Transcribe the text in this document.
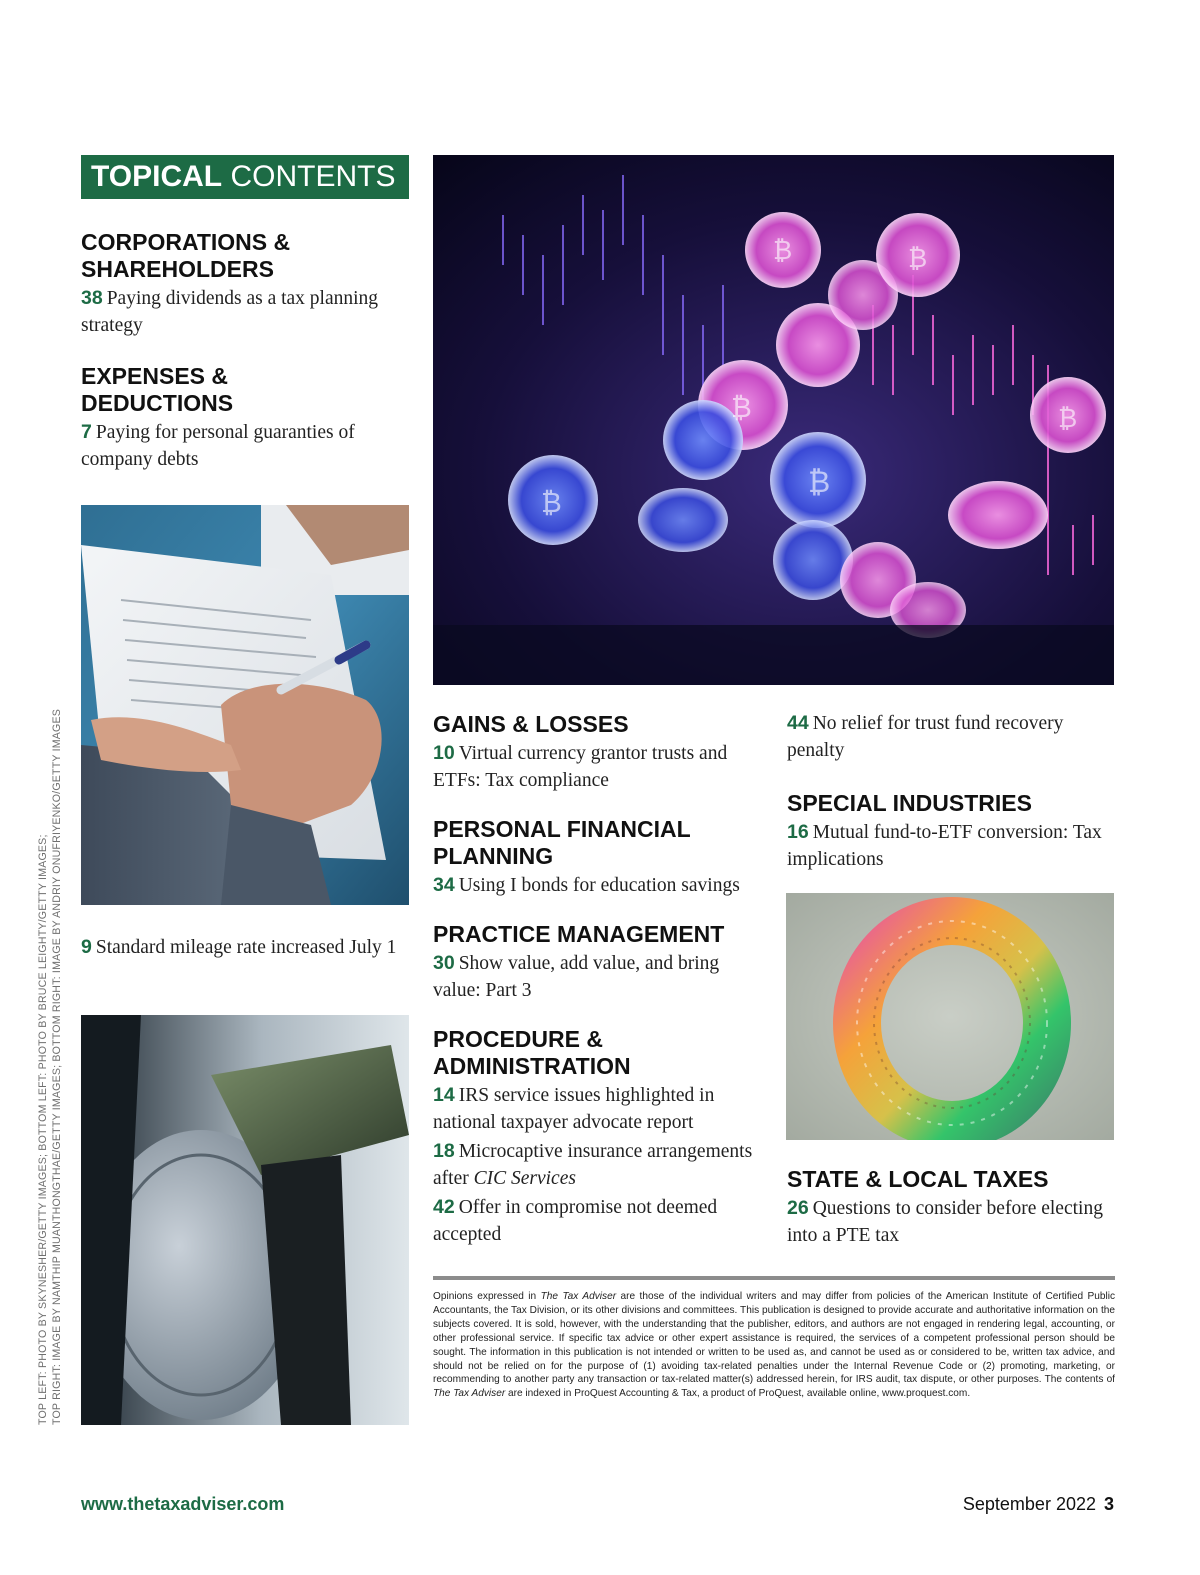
TOPICAL CONTENTS

CORPORATIONS &
SHAREHOLDERS

38 Paying dividends as a tax planning strategy

EXPENSES &
DEDUCTIONS

7 Paying for personal guaranties of company debts

9 Standard mileage rate increased July 1

₿
₿
₿
₿
₿
₿

GAINS & LOSSES

10 Virtual currency grantor trusts and ETFs: Tax compliance

PERSONAL FINANCIAL
PLANNING

34 Using I bonds for education savings

PRACTICE MANAGEMENT

30 Show value, add value, and bring value: Part 3

PROCEDURE &
ADMINISTRATION

14 IRS service issues highlighted in national taxpayer advocate report

18 Microcaptive insurance arrangements after CIC Services

42 Offer in compromise not deemed accepted

44 No relief for trust fund recovery penalty

SPECIAL INDUSTRIES

16 Mutual fund-to-ETF conversion: Tax implications

STATE & LOCAL TAXES

26 Questions to consider before electing into a PTE tax

TOP LEFT: PHOTO BY SKYNESHER/GETTY IMAGES; BOTTOM LEFT: PHOTO BY BRUCE LEIGHTY/GETTY IMAGES; TOP RIGHT: IMAGE BY NAMTHIP MUANTHONGTHAE/GETTY IMAGES; BOTTOM RIGHT: IMAGE BY ANDRIY ONUFRIYENKO/GETTY IMAGES	Opinions expressed in The Tax Adviser are those of the individual writers and may differ from policies of the American Institute of Certified Public Accountants, the Tax Division, or its other divisions and committees. This publication is designed to provide accurate and authoritative information on the subjects covered. It is sold, however, with the understanding that the publisher, editors, and authors are not engaged in rendering legal, accounting, or other professional service. If specific tax advice or other expert assistance is required, the services of a competent professional person should be sought. The information in this publication is not intended or written to be used as, and cannot be used as or considered to be, written tax advice, and should not be relied on for the purpose of (1) avoiding tax-related penalties under the Internal Revenue Code or (2) promoting, marketing, or recommending to another party any transaction or tax-related matter(s) addressed herein, for IRS audit, tax dispute, or other purposes. The contents of The Tax Adviser are indexed in ProQuest Accounting & Tax, a product of ProQuest, available online, www.proquest.com.
www.thetaxadviser.com	September 2022 3
